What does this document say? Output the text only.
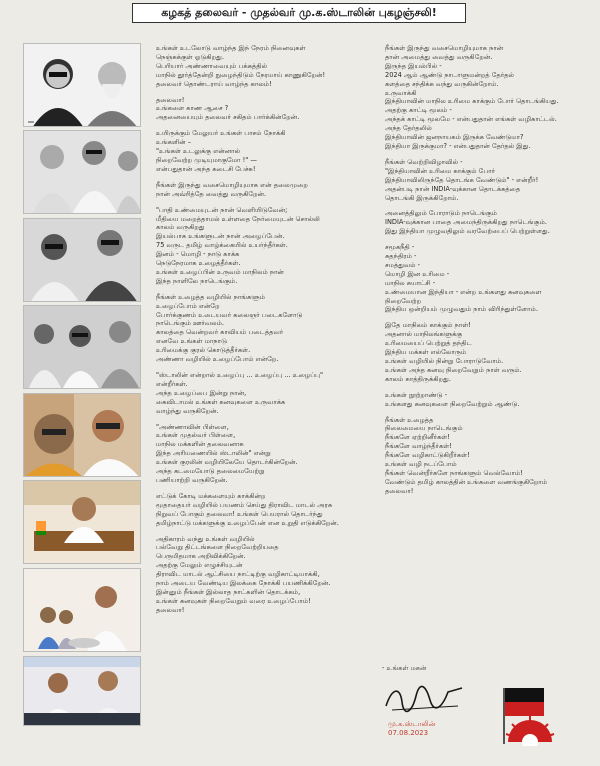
கழகத் தலைவர் - முதல்வர் மு.க.ஸ்டாலின் புகழஞ்சலி!

உங்கள் உடலோடு வாழ்ந்த இந் நேரம் நினைவுகள்
நெஞ்சுக்குள் ஓடுகிறது.
பெரியார் அண்ணாவையும் பக்கத்தில்
மாநில் தூர்த்தேன்றி நுழைந்திடும் நேரமாய் காணுகிறேன்!
தலைவர் தொண்டராய் வாழ்ந்த காலம்!

தலைவா!
உங்களை காண ஆசை ?
அதனையையும் தலைவர் சகிதம் பார்க்கின்றேன்.

உயிருக்கும் மேலுயர் உங்கள் பாசம் நோக்கி
உங்களின் –
"உங்கள் உடலுக்கு என்னால்
நிறைவேற்ற முடியுமாகுமோ !" —
என்பதுதான் அந்த கடைசி பேச்சு!

நீங்கள் இருந்து வசைமொழியுமாக என் தலைமுறை
நான் அவ்ரித்தே வைத்து வருகிறேன்.

"பாதி உண்மையுடன் நான் வெளியிடுவேன்;
மீதியை மறைத்தாமல் உள்ளதை நேர்மையுடன் சொல்லி
காலம் வருகிறது
இயல்பாக உங்களுடன் நான் அழைப்பேன்.
75 வருட தமிழ் வாழ்க்கையில் உயர்ந்தீர்கள்.
இனம் - மொழி - நாடு காக்க
நெடுநேரமாக உழைத்தீர்கள்.
உங்கள் உழைப்பின் உருவம் மாநிலம் நான்
இந்த நாளிலே நாடெங்கும்.

நீங்கள் உழைத்த வழியில் நாங்களும்
உழைப்போம் என்றே
போர்க்குணம் உடையவர் கலைஞர் படைகளோடு
நாடெங்கும் ஊர்வலம்.
காலத்தை வென்றவர் காவியம் படைத்தவர்
எனவே உங்கள் மாநாடு
உரிமைக்கு குரல் கொடுத்தீர்கள்.
அண்ணா வழியில் உழைப்போம் என்றே.

"ஸ்டாலின் என்றால் உழைப்பு ... உழைப்பு ... உழைப்பு"
என்றீர்கள்.
அந்த உழைப்பை இன்று நான்,
கைவிடாமல் உங்கள் கனவுகளை உருவாக்க
வாழ்ந்து வருகிறேன்.

"அண்ணாவின் பிள்ளை,
உங்கள் முதல்வர் பிள்ளை,
மாநில மக்களின் தலைவனாக
இந்த அரியணையில் ஸ்டாலின்" என்று
உங்கள் குரலின் வழியிலேயே தொடர்கின்றேன்.
அந்த கடமையோடு தலைமையேற்று
பணியாற்றி வருகிறேன்.

எட்டுக் கோடி மக்களையும் காக்கின்ற
மூதாதையர் வழியில் பயணம் செய்து திராவிட மாடல் அரசு
நிறுவப் போகும் தலைவா! உங்கள் பெயரால் தொடர்ந்து
தமிழ்நாட்டு மக்களுக்கு உழைப்பேன் என உறுதி எடுக்கிறேன்.

அதிகாரம் வந்து உங்கள் வழியில்
பல்வேறு திட்டங்களை நிறைவேற்றியதை
பெருமிதமாக அறிவிக்கிறேன்.
அதற்கு மேலும் எழுச்சியுடன்
திராவிட மாடல் ஆட்சியை நாட்டிற்கு வழிகாட்டியாக்கி,
நாம் அடைய வேண்டிய இலக்கை நோக்கி பயணிக்கிறேன்.
இன்னும் நீங்கள் இல்லாத நாட்களின் தொடக்கம்,
உங்கள் கனவுகள் நிறைவேறும் வரை உழைப்போம்!
தலைவா!

நீங்கள் இருந்து வசைமொழியுமாக நான்
தான் அமைத்து வைத்து வருகிறேன்.
இருந்த இயல்பில் -
2024 ஆம் ஆண்டு நாடாளுமன்றத் தேர்தல்
களத்தை சந்திக்க வந்து வருகின்றோம்.
உருவாக்கி
இந்தியாவின் மாநில உரிமை காக்கும் போர் தொடங்கியது.
அதற்கு காட்டி மூலம் -
அந்தக் காட்டி மூலமே - என்பதுதான் எங்கள் வழிகாட்டல்.
அந்த தேர்தலில்
இந்தியாவின் ஜனநாயகம் இருக்க வேண்டுமா?
இந்தியா இருக்குமா? - என்பதுதான் தேர்தல் இது.

நீங்கள் வெற்றிவிழாவில் -
"இந்தியாவின் உரிமை காக்கும் போர்
இந்தியாவிலிருந்தே தொடங்க வேண்டும்" - என்றீர்!
அதன்படி நான் INDIA-வுக்கான தொடக்கத்தை
தொடங்கி இருக்கிறோம்.

அனைத்திலும் போராடும் நாடெங்கும்
INDIA-வுக்கான பாதை அமைந்திருக்கிறது நாடெங்கும்.
இது இந்தியா முழுவதிலும் வரவேற்பைப் பெற்றுள்ளது.

சமூகநீதி -
சுதந்திரம் -
சமத்துவம் -
மொழி இன உரிமை -
மாநில சுயாட்சி -
உண்மையான இந்தியா - என்ற உங்களது கனவுகளை
நிறைவேற்ற
இந்திய ஒன்றியம் முழுவதும் நாம் விரிந்துள்ளோம்.

இதே மாநிலம் காக்கும் நாள்!
அதனால் மாநிலங்களுக்கு
உரிமையைப் பெற்றுத் தந்திட
இந்திய மக்கள் எல்லோரும்
உங்கள் வழியில் நின்று போராடுவோம்.
உங்கள் அந்த கனவு நிறைவேறும் நாள் வரும்.
காலம் காத்திருக்கிறது.

உங்கள் நூற்றாண்டு -
உங்களது கனவுகளை நிறைவேற்றும் ஆண்டு.

நீங்கள் உழைத்த
நிலைமையை நாடெங்கும்
நீங்களே ஏற்றினீர்கள்!
நீங்களே வாழ்ந்தீர்கள்!
நீங்களே வழிகாட்டுகிறீர்கள்!
உங்கள் வழி நடப்போம்
நீங்கள் வென்றீர்களே நாங்களும் வெல்வோம்!
வேண்டும் தமிழ் காலத்தின் உங்களை வணங்குகிறோம்
தலைவா!

- உங்கள் மகன்
மு.க.ஸ்டாலின்
07.08.2023
